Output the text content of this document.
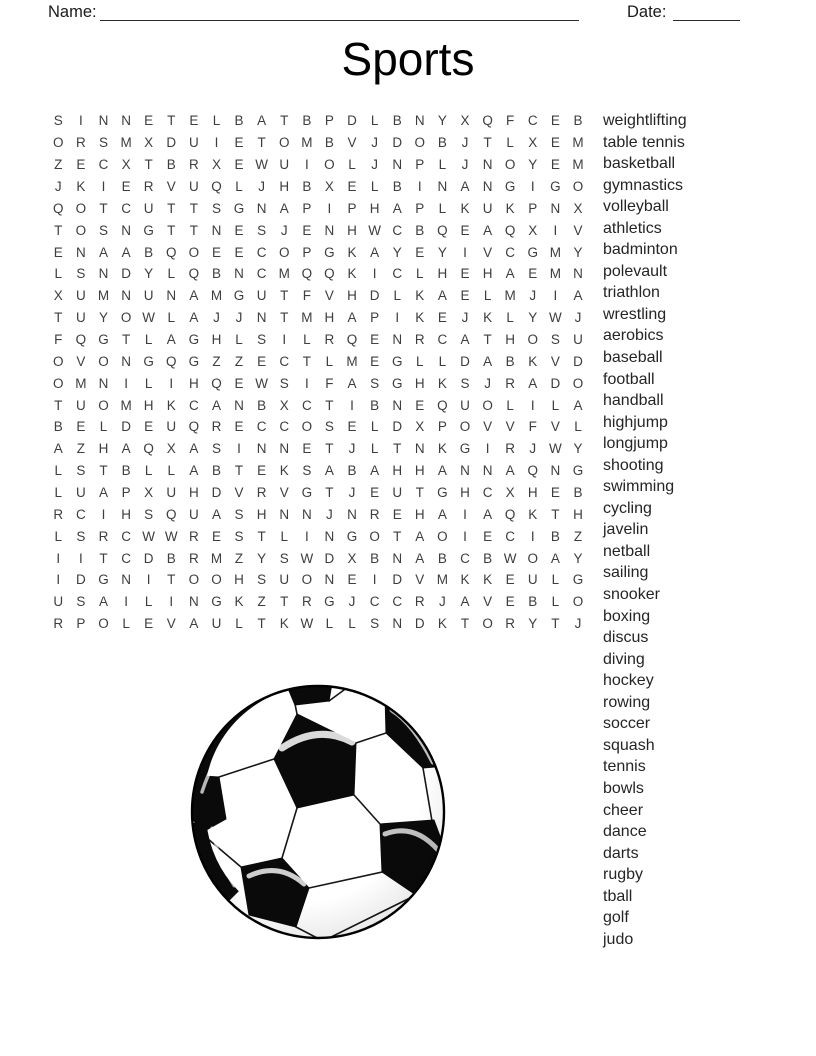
Name:	Date:
Sports
S	I	N N E	T	E	L	B	A	T	B	P D	L	B N Y	X Q F	C E	B
O R S M X D U	I	E	T O M B	V	J	D O B	J	T	L	X	E M
Z	E C X	T	B R X	E W U	I	O	L	J	N P	L	J	N O Y	E M
J	K	I	E R V U Q	L	J	H B	X	E	L	B	I	N A N G	I	G O
Q O T	C U	T	T	S G N A	P	I	P H A	P	L	K U K	P N X
T O S N G T	T	N E	S	J	E N H W C B Q E	A Q X	I	V
E N A	A	B Q O E	E C O P G K	A	Y	E	Y	I	V C G M Y
L	S N D Y	L	Q B N C M Q Q K	I	C	L	H E H A	E M N
X U M N U N A M G U	T	F	V H D	L	K	A	E	L M	J	I	A
T	U Y O W L	A	J	J	N	T M H A	P	I	K	E	J	K	L	Y W J
F Q G T	L	A G H	L	S	I	L	R Q E N R C A	T	H O S U
O V O N G Q G Z	Z	E C	T	L M E G	L	L	D A	B	K	V D
O M N	I	L	I	H Q E W S	I	F	A	S G H K	S	J	R A D O
T	U O M H K C A N B	X C	T	I	B N E Q U O	L	I	L	A
B	E	L	D E U Q R E C C O S	E	L	D X	P O V	V	F	V	L
A	Z	H A Q X	A	S	I	N N E	T	J	L	T	N K G	I	R	J W Y
L	S	T	B	L	L	A	B	T	E	K	S	A	B	A H H A N N A Q N G
L	U A	P	X U H D V R V G T	J	E U	T G H C X H E	B
R C	I	H S Q U A	S H N N	J	N R E H A	I	A Q K	T	H
L	S R C W W R E	S	T	L	I	N G O T	A O	I	E C	I	B	Z
I	I	T	C D B R M Z	Y	S W D X	B N A	B C B W O A	Y
I	D G N	I	T O O H S U O N E	I	D V M K	K	E U	L	G
U S	A	I	L	I	N G K	Z	T	R G	J	C C R	J	A	V	E	B	L	O
R P O	L	E	V	A U	L	T	K W L	L	S N D K	T O R Y	T	J
weightlifting
table tennis
basketball
gymnastics
volleyball
athletics
badminton
polevault
triathlon
wrestling
aerobics
baseball
football
handball
highjump
longjump
shooting
swimming
cycling
javelin
netball
sailing
snooker
boxing
discus
diving
hockey
rowing
soccer
squash
tennis
bowls
cheer
dance
darts
rugby
tball
golf
judo
